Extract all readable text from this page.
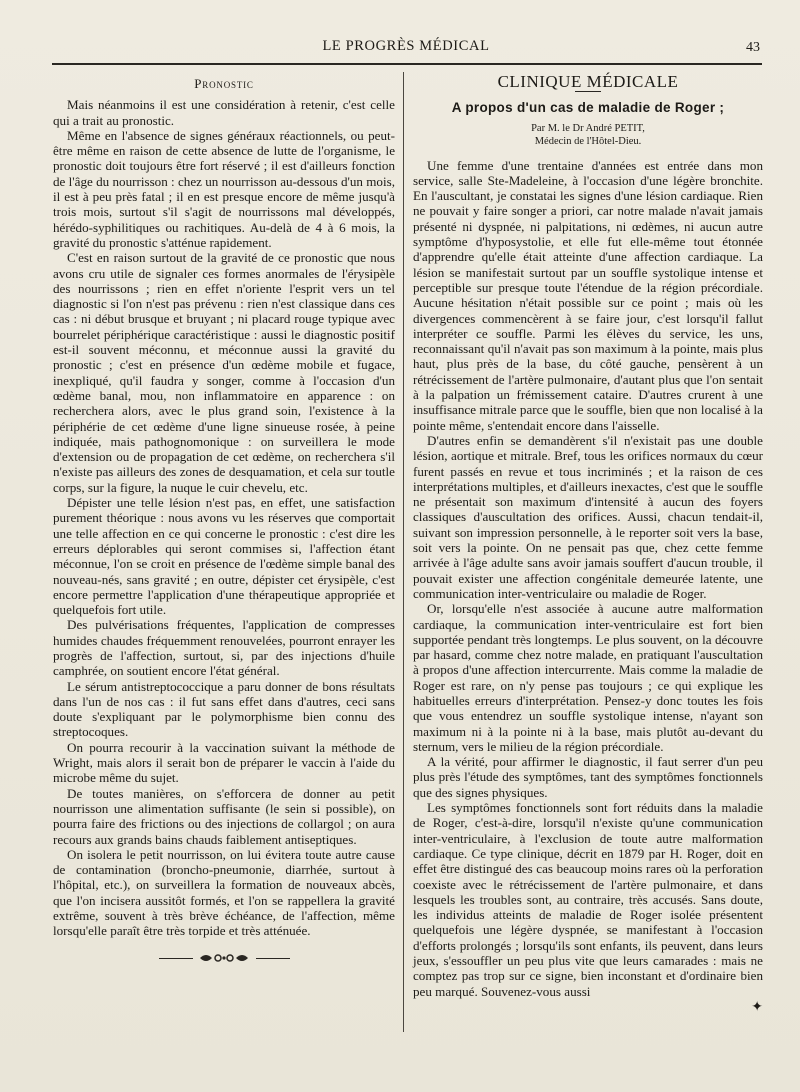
LE PROGRÈS MÉDICAL	43
Pronostic

Mais néanmoins il est une considération à retenir, c'est celle qui a trait au pronostic.

Même en l'absence de signes généraux réactionnels, ou peut-être même en raison de cette absence de lutte de l'organisme, le pronostic doit toujours être fort réservé ; il est d'ailleurs fonction de l'âge du nourrisson : chez un nourrisson au-dessous d'un mois, il est à peu près fatal ; il en est presque encore de même jusqu'à trois mois, surtout s'il s'agit de nourrissons mal développés, hérédo-syphilitiques ou rachitiques. Au-delà de 4 à 6 mois, la gravité du pronostic s'atténue rapidement.

C'est en raison surtout de la gravité de ce pronostic que nous avons cru utile de signaler ces formes anormales de l'érysipèle des nourrissons ; rien en effet n'oriente l'esprit vers un tel diagnostic si l'on n'est pas prévenu : rien n'est classique dans ces cas : ni début brusque et bruyant ; ni placard rouge typique avec bourrelet périphérique caractéristique : aussi le diagnostic positif est-il souvent méconnu, et méconnue aussi la gravité du pronostic ; c'est en présence d'un œdème mobile et fugace, inexpliqué, qu'il faudra y songer, comme à l'occasion d'un œdème banal, mou, non inflammatoire en apparence : on recherchera alors, avec le plus grand soin, l'existence à la périphérie de cet œdème d'une ligne sinueuse rosée, à peine indiquée, mais pathognomonique : on surveillera le mode d'extension ou de propagation de cet œdème, on recherchera s'il n'existe pas ailleurs des zones de desquamation, et cela sur toutle corps, sur la figure, la nuque le cuir chevelu, etc.

Dépister une telle lésion n'est pas, en effet, une satisfaction purement théorique : nous avons vu les réserves que comportait une telle affection en ce qui concerne le pronostic : c'est dire les erreurs déplorables qui seront commises si, l'affection étant méconnue, l'on se croit en présence de l'œdème simple banal des nouveau-nés, sans gravité ; en outre, dépister cet érysipèle, c'est encore permettre l'application d'une thérapeutique appropriée et quelquefois fort utile.

Des pulvérisations fréquentes, l'application de compresses humides chaudes fréquemment renouvelées, pourront enrayer les progrès de l'affection, surtout, si, par des injections d'huile camphrée, on soutient encore l'état général.

Le sérum antistreptococcique a paru donner de bons résultats dans l'un de nos cas : il fut sans effet dans d'autres, ceci sans doute s'expliquant par le polymorphisme bien connu des streptocoques.

On pourra recourir à la vaccination suivant la méthode de Wright, mais alors il serait bon de préparer le vaccin à l'aide du microbe même du sujet.

De toutes manières, on s'efforcera de donner au petit nourrisson une alimentation suffisante (le sein si possible), on pourra faire des frictions ou des injections de collargol ; on aura recours aux grands bains chauds faiblement antiseptiques.

On isolera le petit nourrisson, on lui évitera toute autre cause de contamination (broncho-pneumonie, diarrhée, surtout à l'hôpital, etc.), on surveillera la formation de nouveaux abcès, que l'on incisera aussitôt formés, et l'on se rappellera la gravité extrême, souvent à très brève échéance, de l'affection, même lorsqu'elle paraît être très torpide et très atténuée.

CLINIQUE MÉDICALE
A propos d'un cas de maladie de Roger ;
Par M. le Dr André PETIT,
Médecin de l'Hôtel-Dieu.

Une femme d'une trentaine d'années est entrée dans mon service, salle Ste-Madeleine, à l'occasion d'une légère bronchite. En l'auscultant, je constatai les signes d'une lésion cardiaque. Rien ne pouvait y faire songer a priori, car notre malade n'avait jamais présenté ni dyspnée, ni palpitations, ni œdèmes, ni aucun autre symptôme d'hyposystolie, et elle fut elle-même tout étonnée d'apprendre qu'elle était atteinte d'une affection cardiaque. La lésion se manifestait surtout par un souffle systolique intense et perceptible sur presque toute l'étendue de la région précordiale. Aucune hésitation n'était possible sur ce point ; mais où les divergences commencèrent à se faire jour, c'est lorsqu'il fallut interpréter ce souffle. Parmi les élèves du service, les uns, reconnaissant qu'il n'avait pas son maximum à la pointe, mais plus haut, plus près de la base, du côté gauche, pensèrent à un rétrécissement de l'artère pulmonaire, d'autant plus que l'on sentait à la palpation un frémissement cataire. D'autres crurent à une insuffisance mitrale parce que le souffle, bien que non localisé à la pointe même, s'entendait encore dans l'aisselle.

D'autres enfin se demandèrent s'il n'existait pas une double lésion, aortique et mitrale. Bref, tous les orifices normaux du cœur furent passés en revue et tous incriminés ; et la raison de ces interprétations multiples, et d'ailleurs inexactes, c'est que le souffle ne présentait son maximum d'intensité à aucun des foyers classiques d'auscultation des orifices. Aussi, chacun tendait-il, suivant son impression personnelle, à le reporter soit vers la base, soit vers la pointe. On ne pensait pas que, chez cette femme arrivée à l'âge adulte sans avoir jamais souffert d'aucun trouble, il pouvait exister une affection congénitale demeurée latente, une communication inter-ventriculaire ou maladie de Roger.

Or, lorsqu'elle n'est associée à aucune autre malformation cardiaque, la communication inter-ventriculaire est fort bien supportée pendant très longtemps. Le plus souvent, on la découvre par hasard, comme chez notre malade, en pratiquant l'auscultation à propos d'une affection intercurrente. Mais comme la maladie de Roger est rare, on n'y pense pas toujours ; ce qui explique les habituelles erreurs d'interprétation. Pensez-y donc toutes les fois que vous entendrez un souffle systolique intense, n'ayant son maximum ni à la pointe ni à la base, mais plutôt au-devant du sternum, vers le milieu de la région précordiale.

A la vérité, pour affirmer le diagnostic, il faut serrer d'un peu plus près l'étude des symptômes, tant des symptômes fonctionnels que des signes physiques.

Les symptômes fonctionnels sont fort réduits dans la maladie de Roger, c'est-à-dire, lorsqu'il n'existe qu'une communication inter-ventriculaire, à l'exclusion de toute autre malformation cardiaque. Ce type clinique, décrit en 1879 par H. Roger, doit en effet être distingué des cas beaucoup moins rares où la perforation coexiste avec le rétrécissement de l'artère pulmonaire, et dans lesquels les troubles sont, au contraire, très accusés. Sans doute, les individus atteints de maladie de Roger isolée présentent quelquefois une légère dyspnée, se manifestant à l'occasion d'efforts prolongés ; lorsqu'ils sont enfants, ils peuvent, dans leurs jeux, s'essouffler un peu plus vite que leurs camarades : mais ne comptez pas trop sur ce signe, bien inconstant et d'ordinaire bien peu marqué. Souvenez-vous aussi

✦
